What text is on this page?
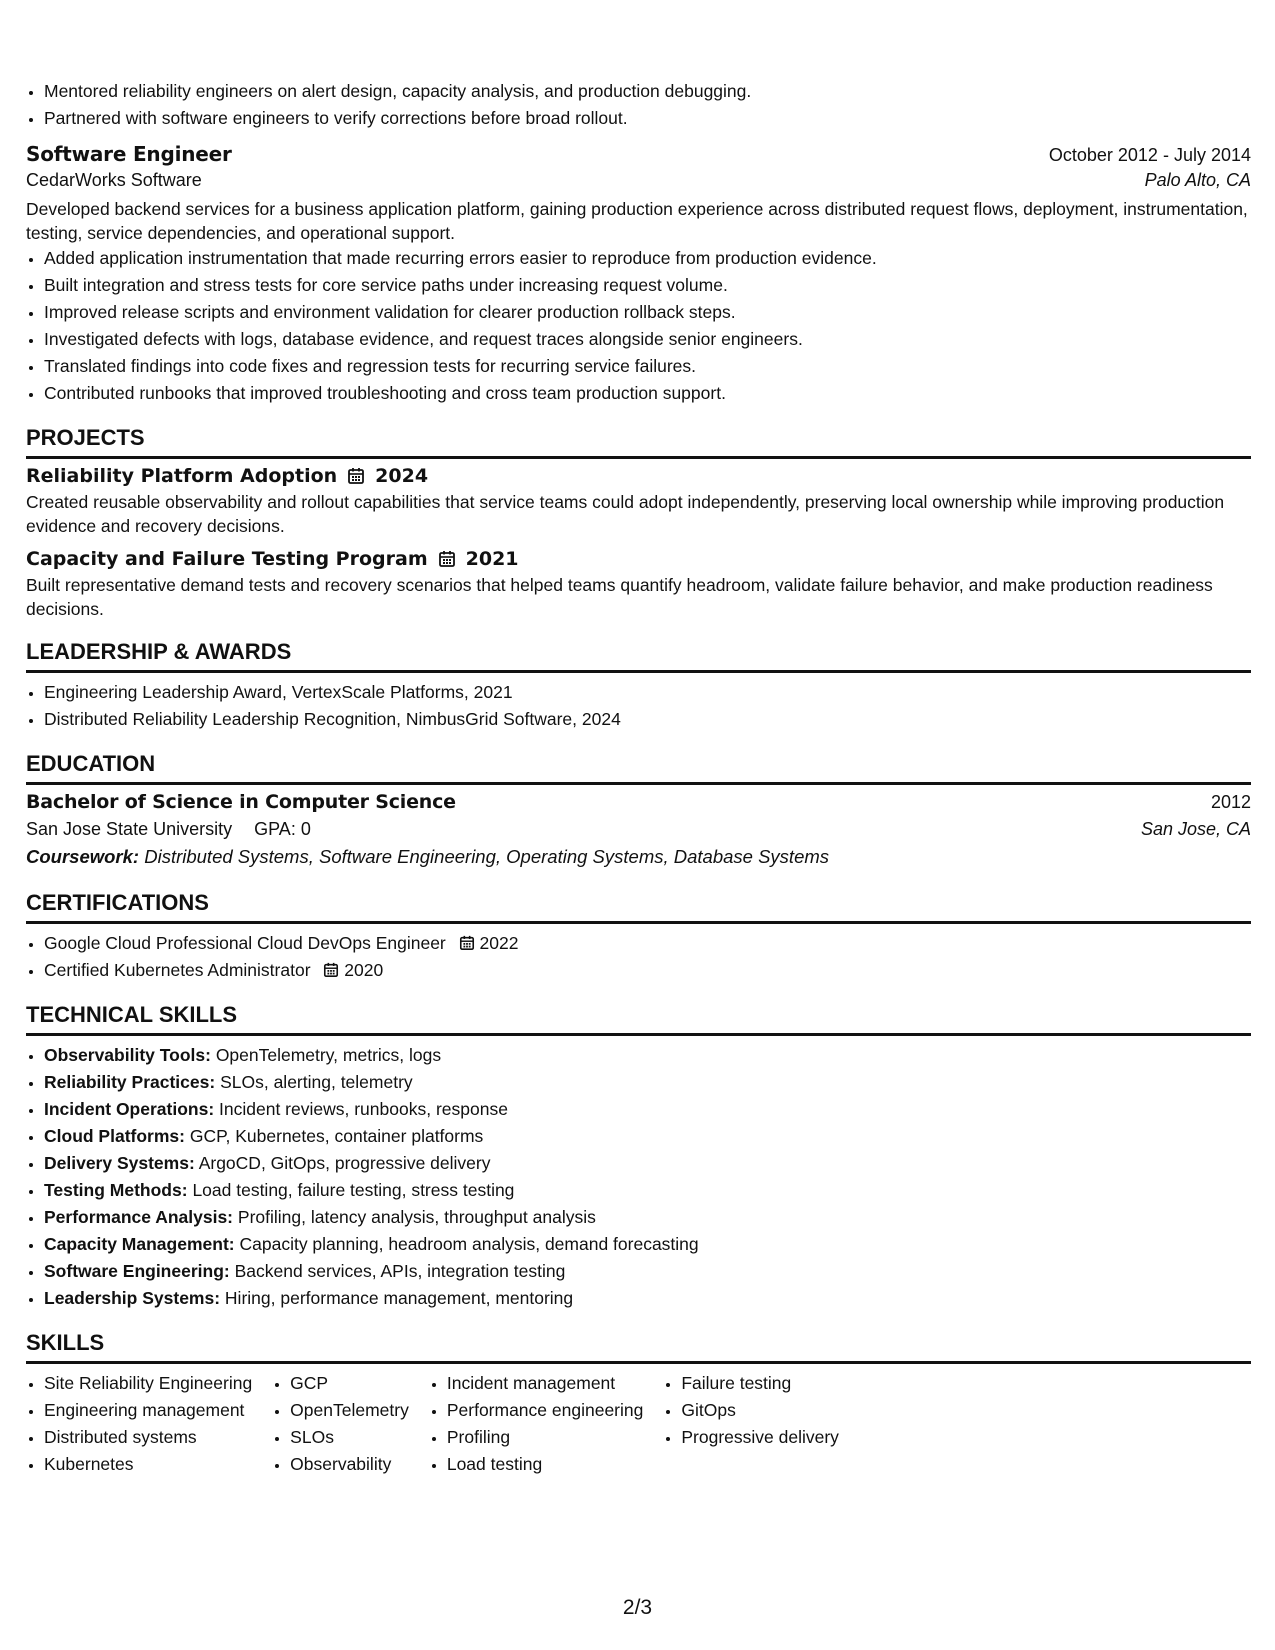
• Mentored reliability engineers on alert design, capacity analysis, and production debugging.
• Partnered with software engineers to verify corrections before broad rollout.
Software Engineer	October 2012 - July 2014
CedarWorks Software	Palo Alto, CA
Developed backend services for a business application platform, gaining production experience across distributed request flows, deployment, instrumentation, testing, service dependencies, and operational support.
• Added application instrumentation that made recurring errors easier to reproduce from production evidence.
• Built integration and stress tests for core service paths under increasing request volume.
• Improved release scripts and environment validation for clearer production rollback steps.
• Investigated defects with logs, database evidence, and request traces alongside senior engineers.
• Translated findings into code fixes and regression tests for recurring service failures.
• Contributed runbooks that improved troubleshooting and cross team production support.
PROJECTS
Reliability Platform Adoption 2024
Created reusable observability and rollout capabilities that service teams could adopt independently, preserving local ownership while improving production evidence and recovery decisions.
Capacity and Failure Testing Program 2021
Built representative demand tests and recovery scenarios that helped teams quantify headroom, validate failure behavior, and make production readiness decisions.
LEADERSHIP & AWARDS
• Engineering Leadership Award, VertexScale Platforms, 2021
• Distributed Reliability Leadership Recognition, NimbusGrid Software, 2024
EDUCATION
Bachelor of Science in Computer Science	2012
San Jose State University GPA: 0	San Jose, CA
Coursework: Distributed Systems, Software Engineering, Operating Systems, Database Systems
CERTIFICATIONS
• Google Cloud Professional Cloud DevOps Engineer 2022
• Certified Kubernetes Administrator 2020
TECHNICAL SKILLS
• Observability Tools: OpenTelemetry, metrics, logs
• Reliability Practices: SLOs, alerting, telemetry
• Incident Operations: Incident reviews, runbooks, response
• Cloud Platforms: GCP, Kubernetes, container platforms
• Delivery Systems: ArgoCD, GitOps, progressive delivery
• Testing Methods: Load testing, failure testing, stress testing
• Performance Analysis: Profiling, latency analysis, throughput analysis
• Capacity Management: Capacity planning, headroom analysis, demand forecasting
• Software Engineering: Backend services, APIs, integration testing
• Leadership Systems: Hiring, performance management, mentoring
SKILLS
• Site Reliability Engineering
• Engineering management
• Distributed systems
• Kubernetes
• GCP
• OpenTelemetry
• SLOs
• Observability
• Incident management
• Performance engineering
• Profiling
• Load testing
• Failure testing
• GitOps
• Progressive delivery
2/3
